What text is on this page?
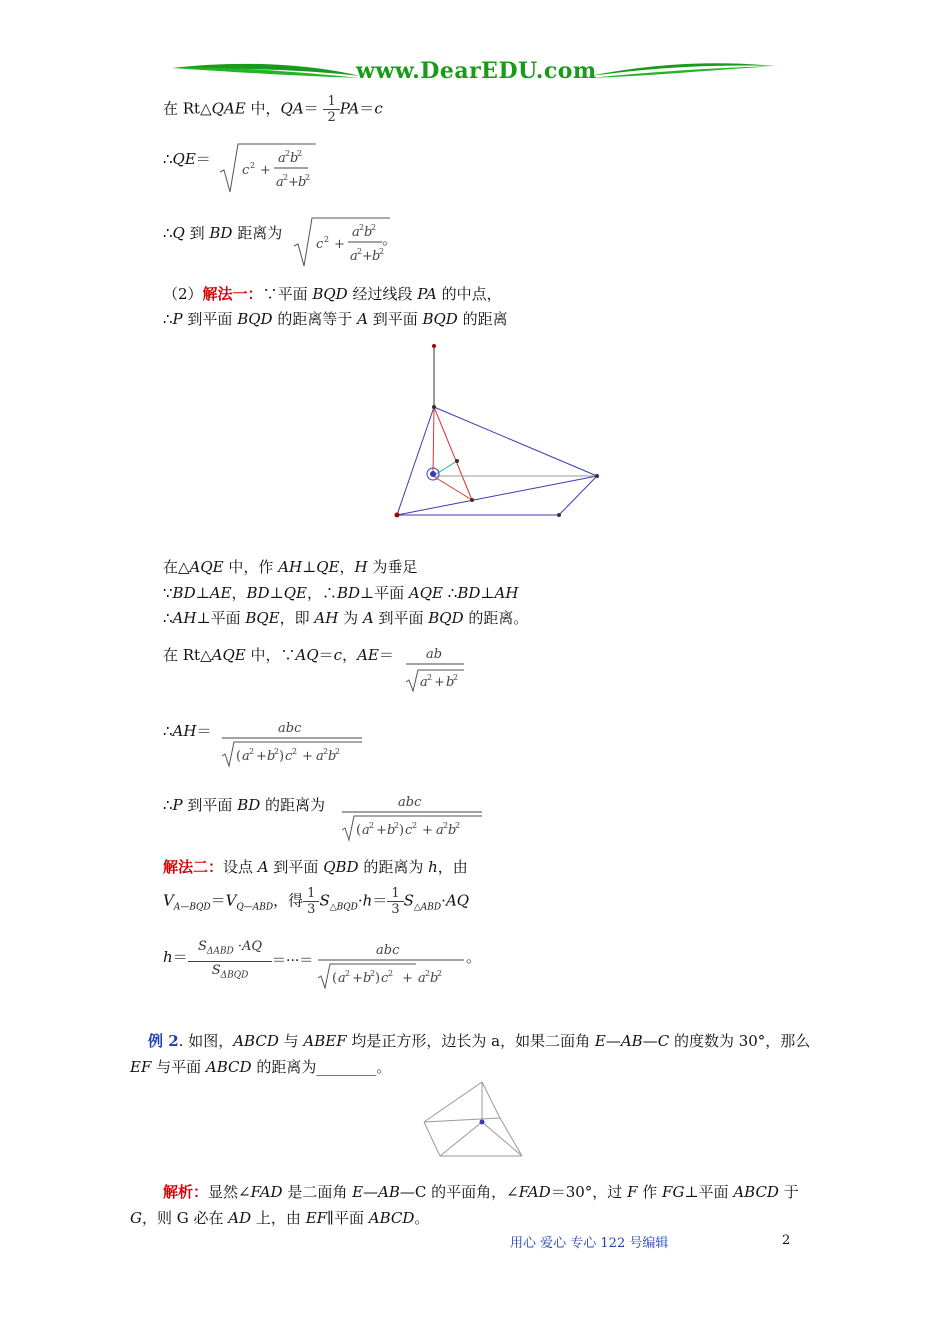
www.DearEDU.com
在 Rt△QAE 中，$QA= \frac{1}{2} PA=c$
∴QE＝
c 2 +
a 2 b
2
a 2 + b
2
∴Q 到 BD 距离为
c 2 +
a 2 b
2
a 2 + b
2
。
（2）解法一：∵平面 BQD 经过线段 PA 的中点，
∴P 到平面 BQD 的距离等于 A 到平面 BQD 的距离
在△AQE 中，作 AH⊥QE，H 为垂足
∵BD⊥AE，BD⊥QE，∴BD⊥平面 AQE ∴BD⊥AH
∴AH⊥平面 BQE，即 AH 为 A 到平面 BQD 的距离。
在 Rt△AQE 中，∵AQ＝c，AE＝ ab
a 2 + b
2
∴AH＝	abc
( a 2 + b
2 ) c 2 + a 2 b
2
∴P 到平面 BD 的距离为	abc
( a 2 + b
2 ) c 2 + a 2 b
2
解法二：设点 A 到平面 QBD 的距离为 h，由
$V_{A—BQD}=V_{Q—ABD}$，得 $\frac{1}{3} S_{\triangle BQD}\cdot h= \frac{1}{3} S_{\triangle ABD}\cdot AQ$
h＝
$S_{\Delta ABD} \cdot AQ$
$S_{\Delta BQD}$
＝···＝
abc
( a 2 + b
2 ) c 2 + a 2 b
2
。
例 2. 如图，ABCD 与 ABEF 均是正方形，边长为 a，如果二面角 E—AB—C 的度数为 30°，那么
EF 与平面 ABCD 的距离为________。
解析：显然∠FAD 是二面角 E—AB—C 的平面角，∠FAD＝30°，过 F 作 FG⊥平面 ABCD 于
G，则 G 必在 AD 上，由 EF∥平面 ABCD。
用心 爱心 专心 122 号编辑	2
